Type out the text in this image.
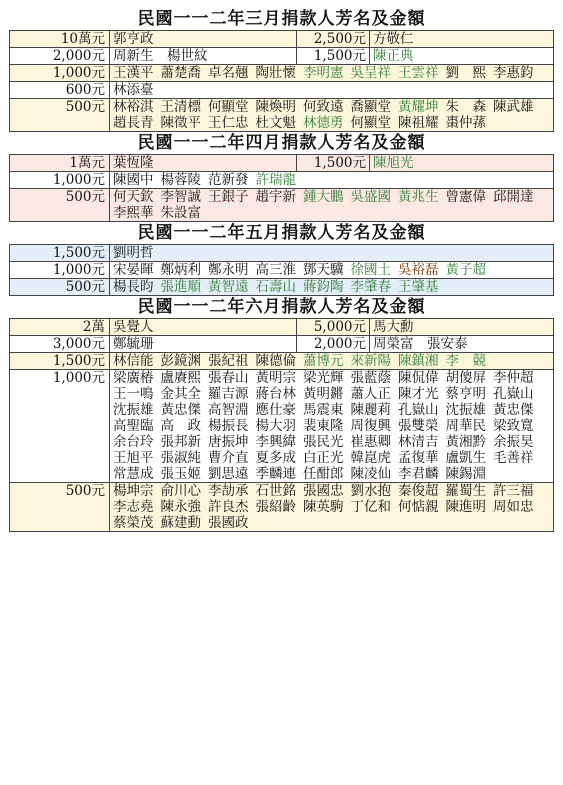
民國一一二年三月捐款人芳名及金額
10萬元	郭亨政	2,500元	方敬仁
2,000元	周新生　楊世紋	1,500元	陳正典
1,000元	王漢平 蕭楚喬 卓名翹 陶壯懷 李明憲 吳呈祥 王雲祥 劉　熙 李惠鈞		
600元	林添臺		
500元	林裕淇 王清標 何顯堂 陳煥明 何致遠 喬顯堂 黃耀坤 朱　森 陳武雄趙長青 陳徵平 王仁忠 杜文魁 林德勇 何顯堂 陳祖耀 棗仲蓀		
民國一一二年四月捐款人芳名及金額
1萬元	葉恆隆	1,500元	陳旭光
1,000元	陳國中 楊蓉陵 范新發 許瑞龍		
500元	何天欽 李智誠 王銀子 趙宇新 鍾大鵬 吳盛國 黃兆生 曾憲偉 邱開達李熙華 朱設富		
民國一一二年五月捐款人芳名及金額
1,500元	劉明哲
1,000元	宋晏暉 鄭炳利 鄭永明 高三淮 鄧天驥 徐國土 吳裕磊 黃子超
500元	楊長昀 張進順 黃智遠 石壽山 蔣鈞陶 李肇春 王肇基
民國一一二年六月捐款人芳名及金額
2萬	吳覺人	5,000元	馬大勳
3,000元	鄭毓珊	2,000元	周榮富　張安泰
1,500元	林信能 彭鏡渊 張紀祖 陳德倫 蕭博元 來新陽 陳鎮湘 李　競		
1,000元	梁廣椿 盧賡熙 張春山 黃明宗 梁光輝 張藍蔭 陳侃偉 胡傻屏 李仲超王一鳴 金其全 羅吉源 蔣台林 黃明鏘 蕭人正 陳才光 蔡亨明 孔嶽山沈振雄 黃忠傑 高智淵 應仕豪 馬震東 陳麗莉 孔嶽山 沈振雄 黃忠傑高聖臨 高　政 楊振長 楊大羽 裴東隆 周復興 張雙榮 周華民 梁致寬余台玲 張邦新 唐振坤 李興緯 張民光 崔惠卿 林清吉 黃湘黔 余振昊王旭平 張淑純 曹介直 夏多成 白正光 韓崑虎 孟復華 盧凱生 毛善祥常慧成 張玉姬 劉思遠 季麟連 任酣郎 陳凌仙 李君麟 陳錫淵		
500元	楊坤宗 俞川心 李劼承 石世銘 張國忠 劉水抱 秦俊超 羅蜀生 許三福李志堯 陳永強 許良杰 張紹齡 陳英駒 丁亿和 何惦親 陳進明 周如忠蔡榮茂 蘇建動 張國政		
